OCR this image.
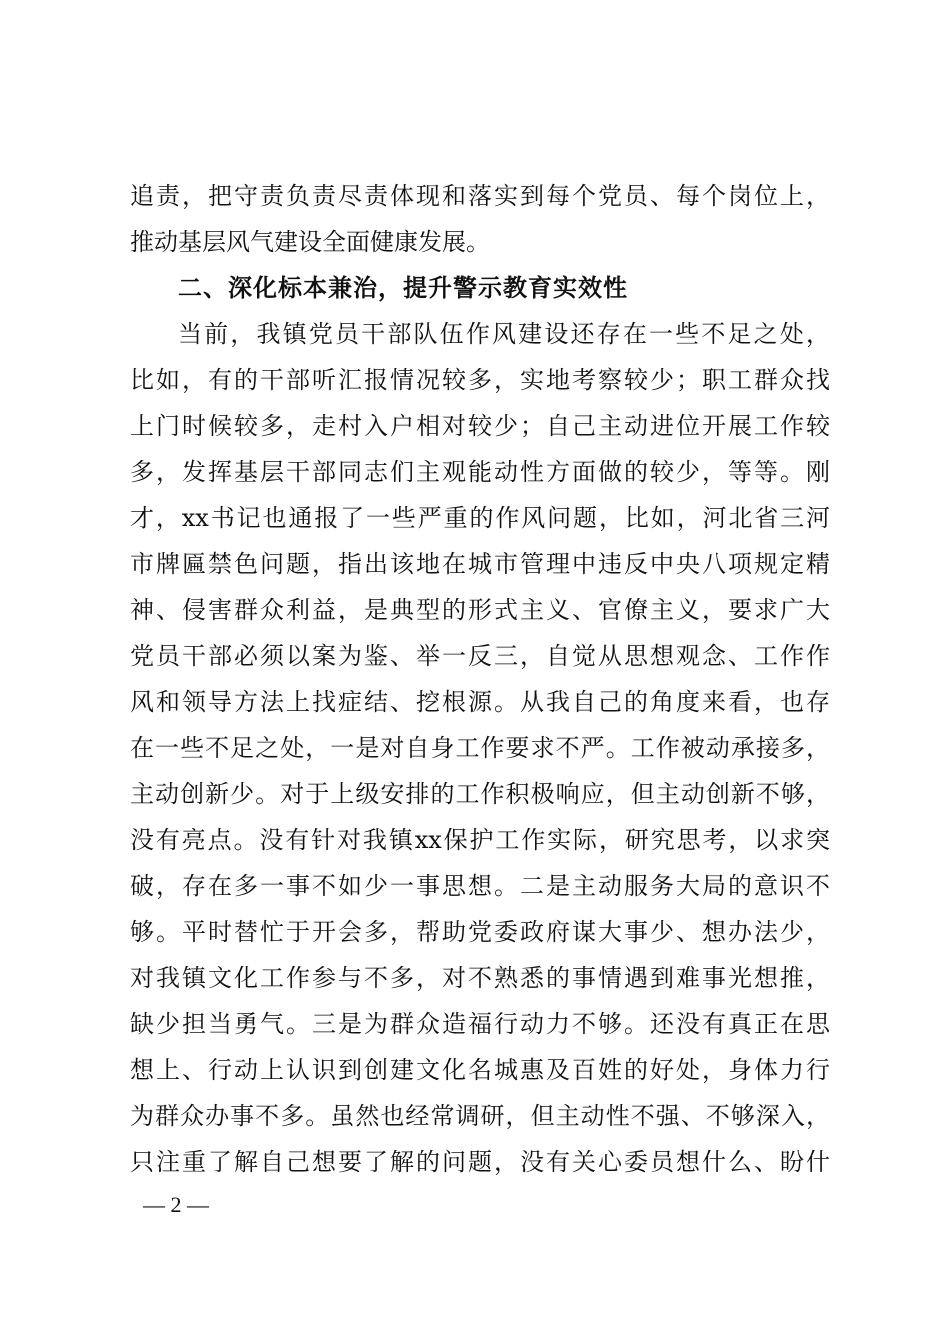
追责，把守责负责尽责体现和落实到每个党员、每个岗位上，
推动基层风气建设全面健康发展。
二、深化标本兼治，提升警示教育实效性
当前，我镇党员干部队伍作风建设还存在一些不足之处，
比如，有的干部听汇报情况较多，实地考察较少；职工群众找
上门时候较多，走村入户相对较少；自己主动进位开展工作较
多，发挥基层干部同志们主观能动性方面做的较少，等等。刚
才，xx书记也通报了一些严重的作风问题，比如，河北省三河
市牌匾禁色问题，指出该地在城市管理中违反中央八项规定精
神、侵害群众利益，是典型的形式主义、官僚主义，要求广大
党员干部必须以案为鉴、举一反三，自觉从思想观念、工作作
风和领导方法上找症结、挖根源。从我自己的角度来看，也存
在一些不足之处，一是对自身工作要求不严。工作被动承接多，
主动创新少。对于上级安排的工作积极响应，但主动创新不够，
没有亮点。没有针对我镇xx保护工作实际，研究思考，以求突
破，存在多一事不如少一事思想。二是主动服务大局的意识不
够。平时替忙于开会多，帮助党委政府谋大事少、想办法少，
对我镇文化工作参与不多，对不熟悉的事情遇到难事光想推，
缺少担当勇气。三是为群众造福行动力不够。还没有真正在思
想上、行动上认识到创建文化名城惠及百姓的好处，身体力行
为群众办事不多。虽然也经常调研，但主动性不强、不够深入，
只注重了解自己想要了解的问题，没有关心委员想什么、盼什
— 2 —
